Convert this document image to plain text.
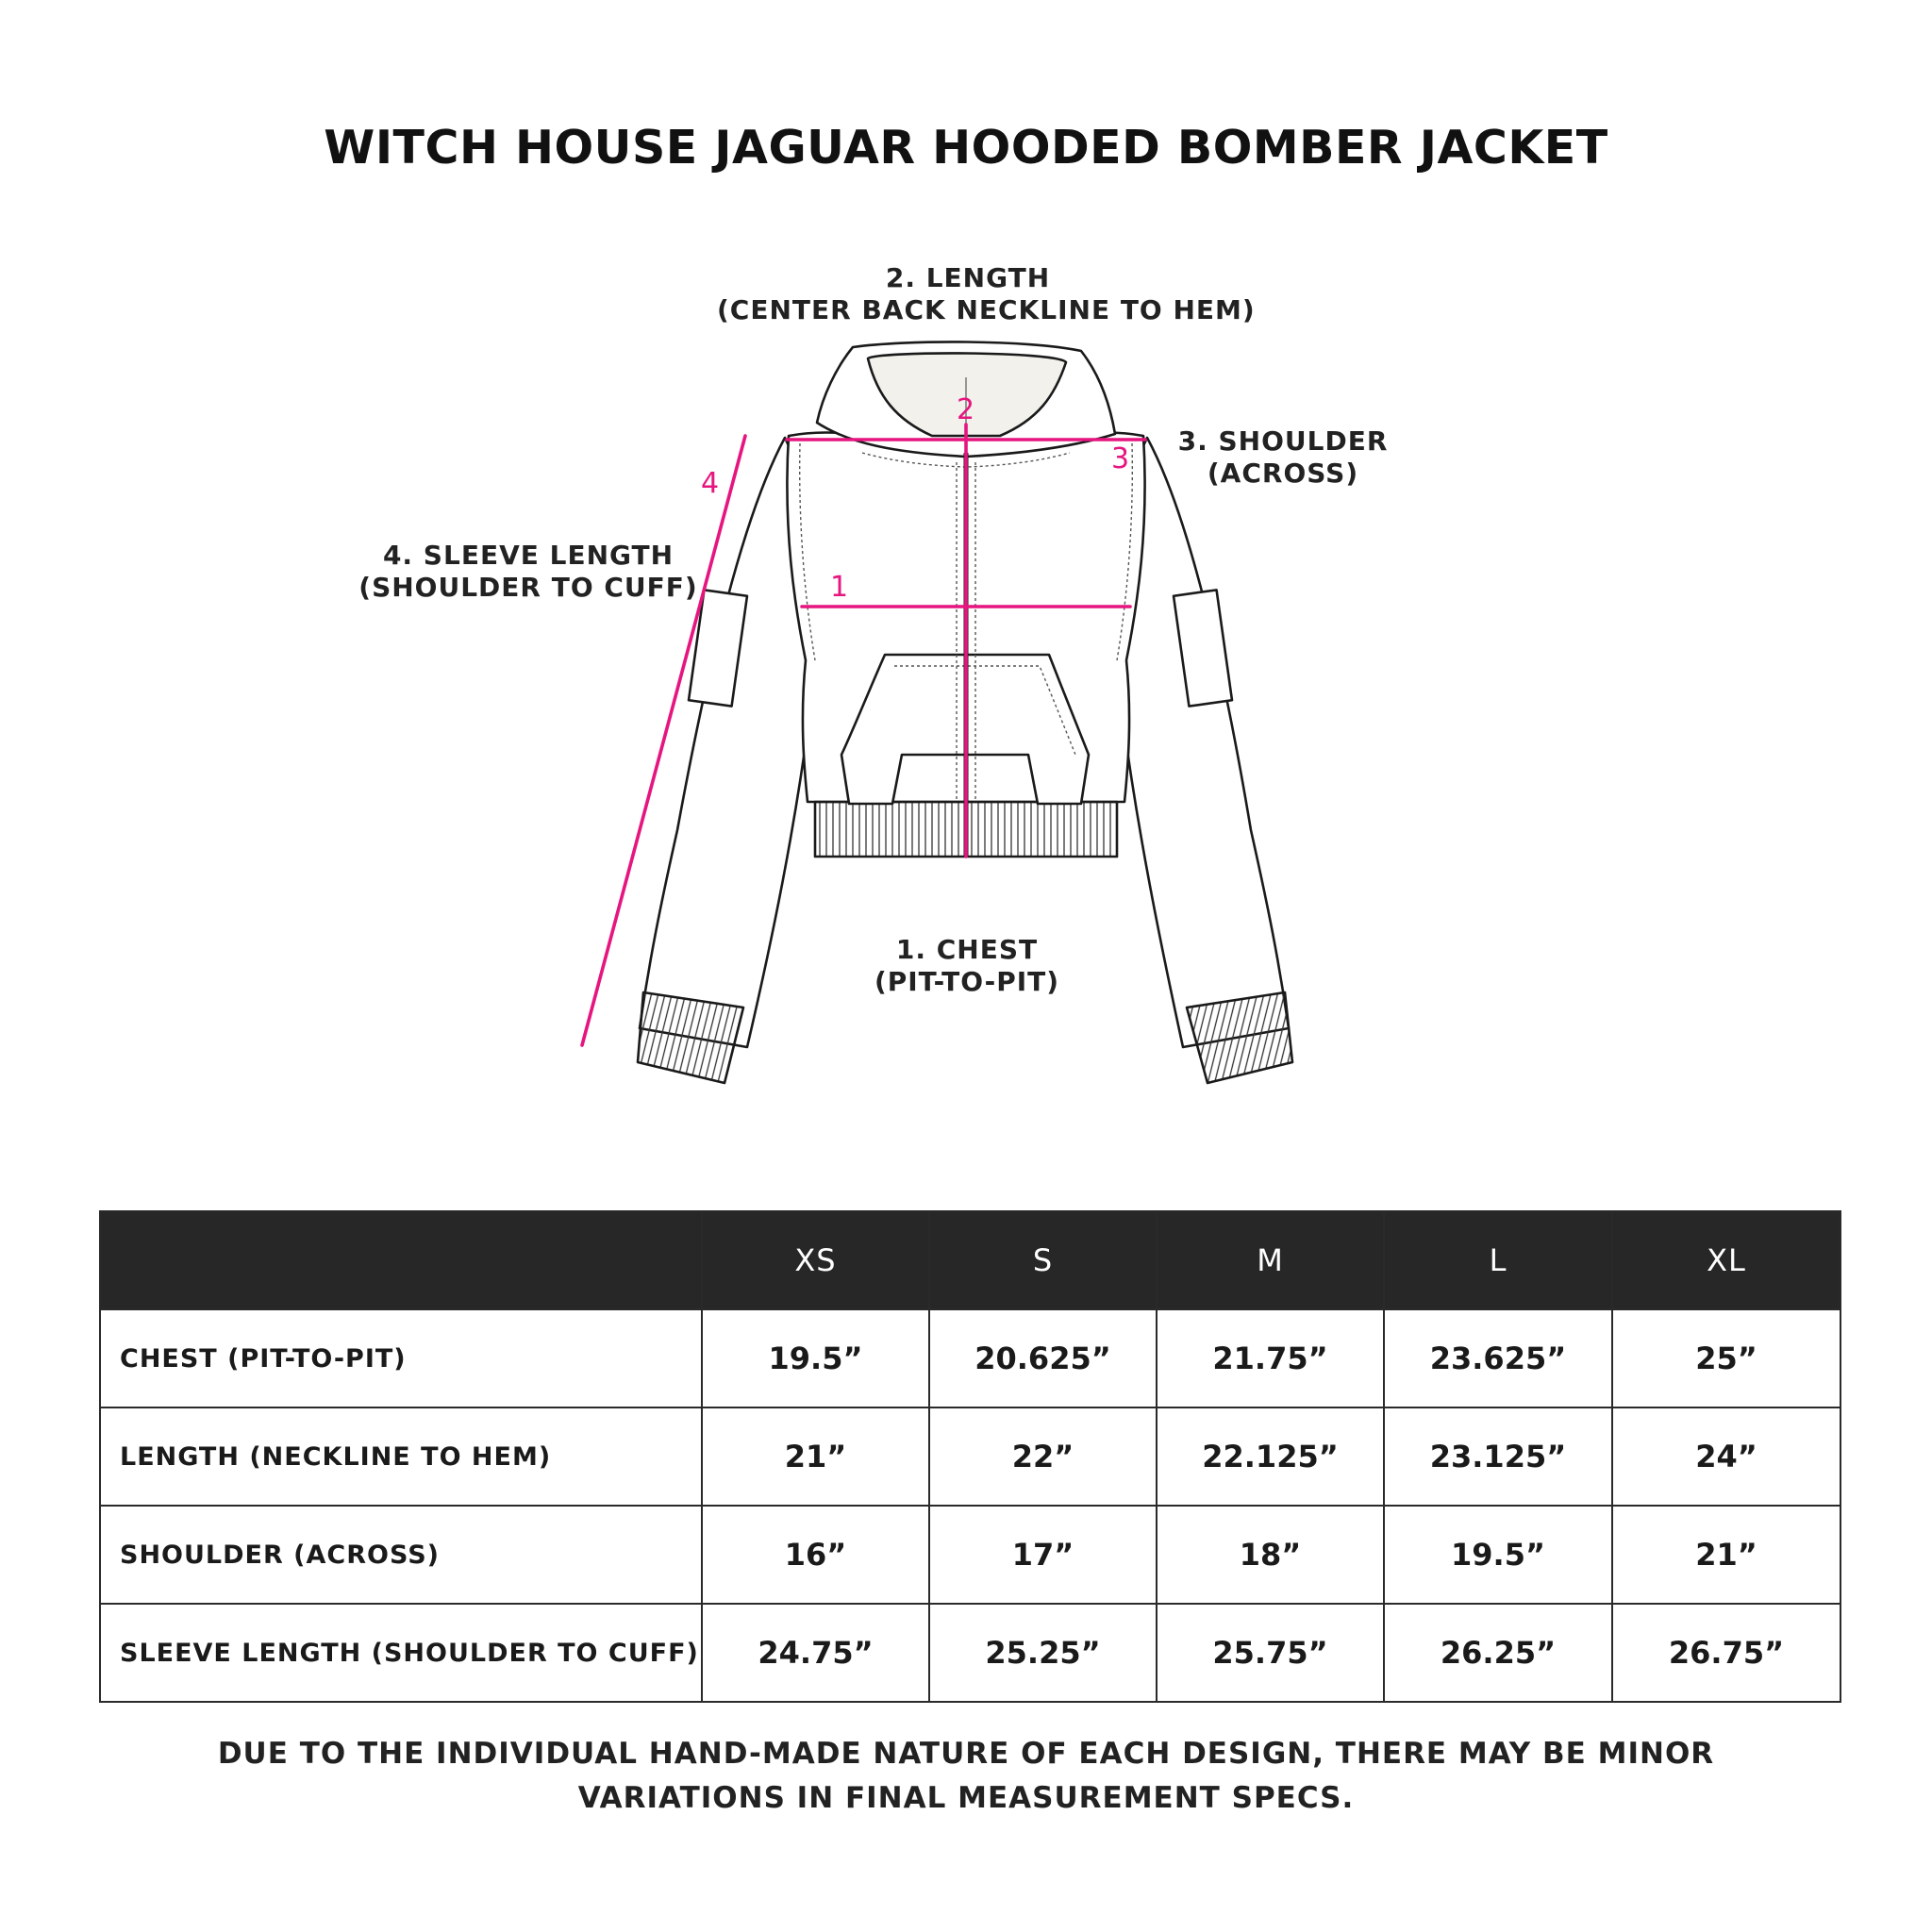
WITCH HOUSE JAGUAR HOODED BOMBER JACKET
1
2
3
4
2. LENGTH
(CENTER BACK NECKLINE TO HEM)
3. SHOULDER
(ACROSS)
4. SLEEVE LENGTH
(SHOULDER TO CUFF)
1. CHEST
(PIT-TO-PIT)
	XS	S	M	L	XL
CHEST (PIT-TO-PIT)	19.5”	20.625”	21.75”	23.625”	25”
LENGTH (NECKLINE TO HEM)	21”	22”	22.125”	23.125”	24”
SHOULDER (ACROSS)	16”	17”	18”	19.5”	21”
SLEEVE LENGTH (SHOULDER TO CUFF)	24.75”	25.25”	25.75”	26.25”	26.75”
DUE TO THE INDIVIDUAL HAND-MADE NATURE OF EACH DESIGN, THERE MAY BE MINOR VARIATIONS IN FINAL MEASUREMENT SPECS.
